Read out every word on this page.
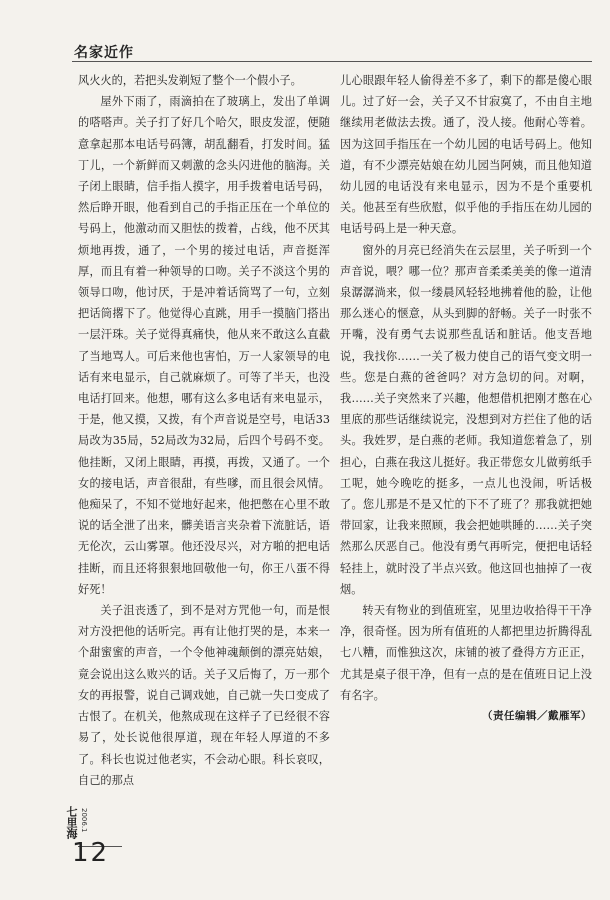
名家近作

风火火的，若把头发剃短了整个一个假小子。

屋外下雨了，雨滴拍在了玻璃上，发出了单调的嗒嗒声。关子打了好几个哈欠，眼皮发涩，便随意拿起那本电话号码簿，胡乱翻看，打发时间。猛丁儿，一个新鲜而又刺激的念头闪进他的脑海。关子闭上眼睛，信手指人摸字，用手拨着电话号码，然后睁开眼，他看到自己的手指正压在一个单位的号码上，他激动而又胆怯的拨着，占线，他不厌其烦地再拨，通了，一个男的接过电话，声音挺浑厚，而且有着一种领导的口吻。关子不淡这个男的领导口吻，他讨厌，于是冲着话筒骂了一句，立刻把话筒撂下了。他觉得心直跳，用手一摸脑门搭出一层汗珠。关子觉得真痛快，他从来不敢这么直截了当地骂人。可后来他也害怕，万一人家领导的电话有来电显示，自己就麻烦了。可等了半天，也没电话打回来。他想，哪有这么多电话有来电显示，于是，他又摸，又拨，有个声音说是空号，电话33局改为35局，52局改为32局，后四个号码不变。他挂断，又闭上眼睛，再摸，再拨，又通了。一个女的接电话，声音很甜，有些嗲，而且很会风情。他痴呆了，不知不觉地好起来，他把憋在心里不敢说的话全泄了出来，髒美语言夹杂着下流脏话，语无伦次，云山雾罩。他还没尽兴，对方啪的把电话挂断，而且还将狠狠地回敬他一句，你王八蛋不得好死！

关子沮丧透了，到不是对方咒他一句，而是恨对方没把他的话听完。再有让他打哭的是，本来一个甜蜜蜜的声音，一个令他神魂颠倒的漂亮姑娘，竟会说出这么败兴的话。关子又后悔了，万一那个女的再报警，说自己调戏她，自己就一失口变成了古恨了。在机关，他熬成现在这样子了已经很不容易了，处长说他很厚道，现在年轻人厚道的不多了。科长也说过他老实，不会动心眼。科长哀叹，自己的那点

儿心眼跟年轻人偷得差不多了，剩下的都是傻心眼儿。过了好一会，关子又不甘寂寞了，不由自主地继续用老做法去拨。通了，没人接。他耐心等着。因为这回手指压在一个幼儿园的电话号码上。他知道，有不少漂亮姑娘在幼儿园当阿姨，而且他知道幼儿园的电话没有来电显示，因为不是个重要机关。他甚至有些欣慰，似乎他的手指压在幼儿园的电话号码上是一种天意。

窗外的月亮已经消失在云层里，关子听到一个声音说，喂？哪一位？那声音柔柔美美的像一道清泉潺潺淌来，似一缕晨风轻轻地拂着他的脸，让他那么迷心的惬意，从头到脚的舒畅。关子一时张不开嘴，没有勇气去说那些乱话和脏话。他支吾地说，我找你……一关了极力使自己的语气变文明一些。您是白燕的爸爸吗？对方急切的问。对啊，我……关子突然来了兴趣，他想借机把刚才憋在心里底的那些话继续说完，没想到对方拦住了他的话头。我姓罗，是白燕的老师。我知道您着急了，别担心，白燕在我这儿挺好。我正带您女儿做剪纸手工呢，她今晚吃的挺多，一点儿也没闹，听话极了。您儿那是不是又忙的下不了班了？那我就把她带回家，让我来照顾，我会把她哄睡的……关子突然那么厌恶自己。他没有勇气再听完，便把电话轻轻挂上，就时没了半点兴致。他这回也抽掉了一夜烟。

转天有物业的到值班室，见里边收拾得干干净净，很奇怪。因为所有值班的人都把里边折腾得乱七八糟，而惟独这次，床铺的被了叠得方方正正，尤其是桌子很干净，但有一点的是在值班日记上没有名字。

（责任编辑／戴雁军）

七里海 2006.1
12
